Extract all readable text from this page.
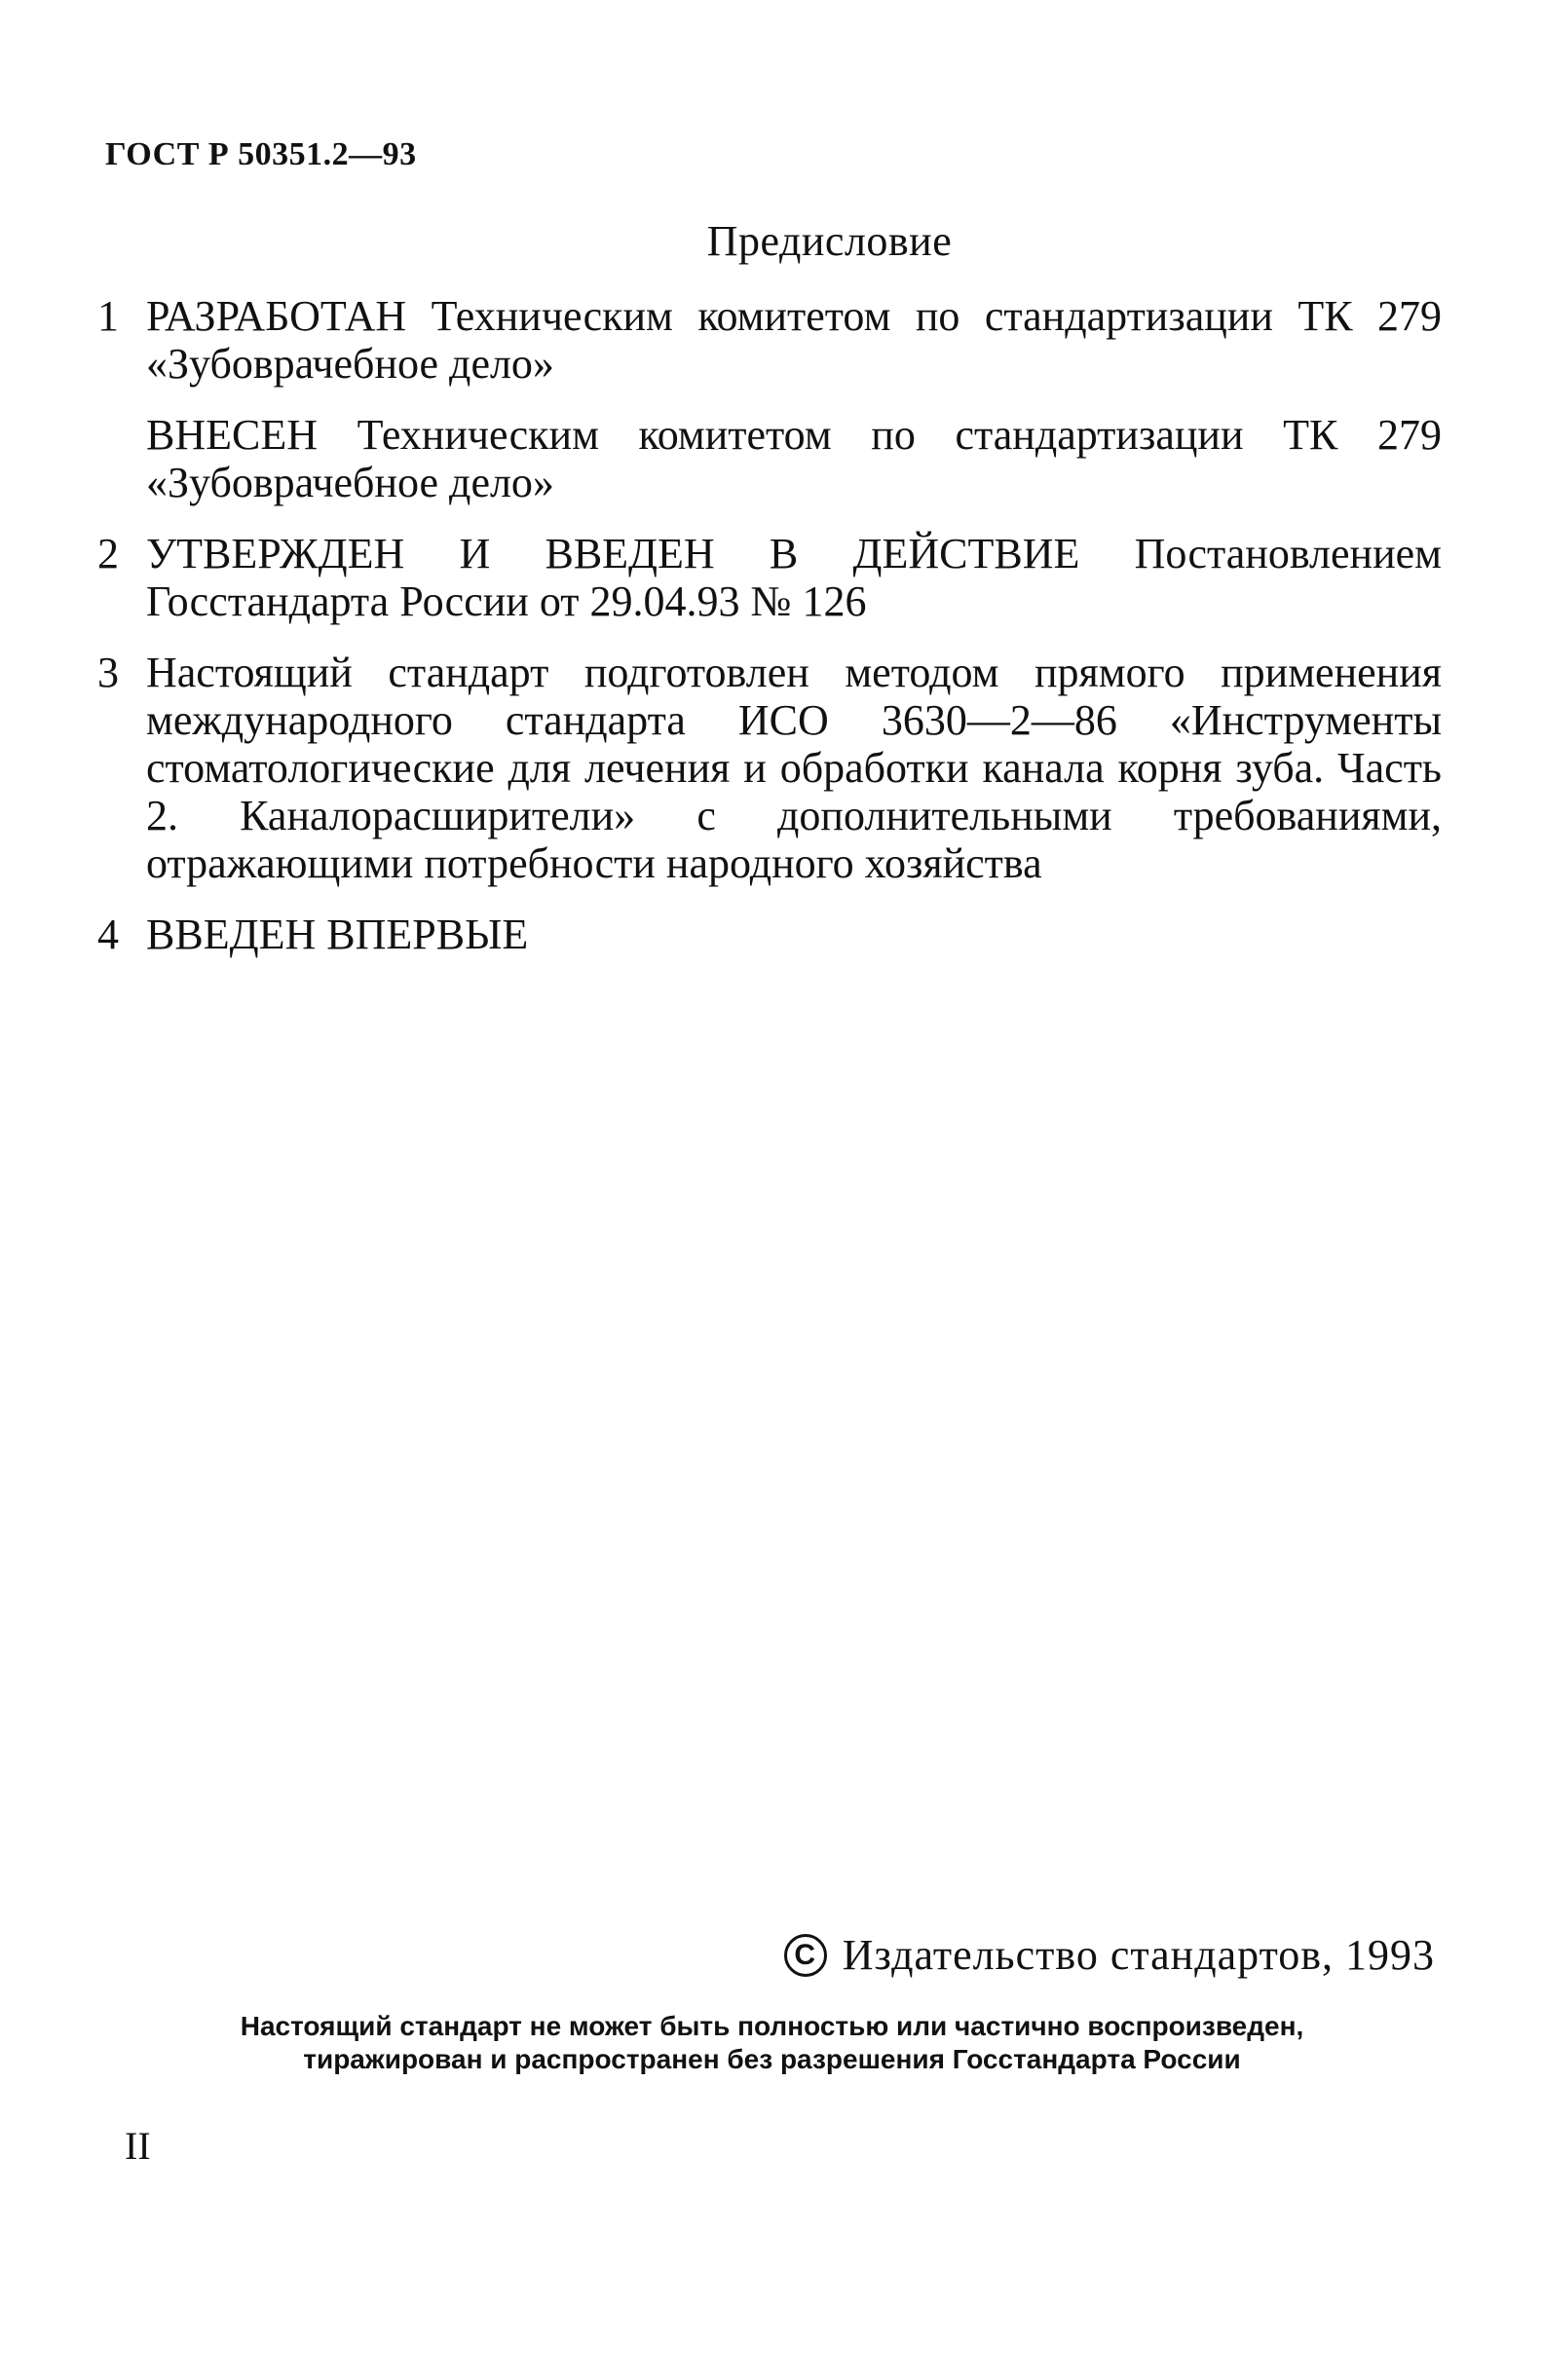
ГОСТ Р 50351.2—93
Предисловие
1 РАЗРАБОТАН Техническим комитетом по стандартизации ТК 279 «Зубоврачебное дело»

ВНЕСЕН Техническим комитетом по стандартизации ТК 279 «Зубоврачебное дело»

2 УТВЕРЖДЕН И ВВЕДЕН В ДЕЙСТВИЕ Постановлением Госстандарта России от 29.04.93 № 126

3 Настоящий стандарт подготовлен методом прямого применения международного стандарта ИСО 3630—2—86 «Инструменты стоматологические для лечения и обработки канала корня зуба. Часть 2. Каналорасширители» с дополнительными требованиями, отражающими потребности народного хозяйства

4 ВВЕДЕН ВПЕРВЫЕ

C Издательство стандартов, 1993
Настоящий стандарт не может быть полностью или частично воспроизведен,
тиражирован и распространен без разрешения Госстандарта России
II
